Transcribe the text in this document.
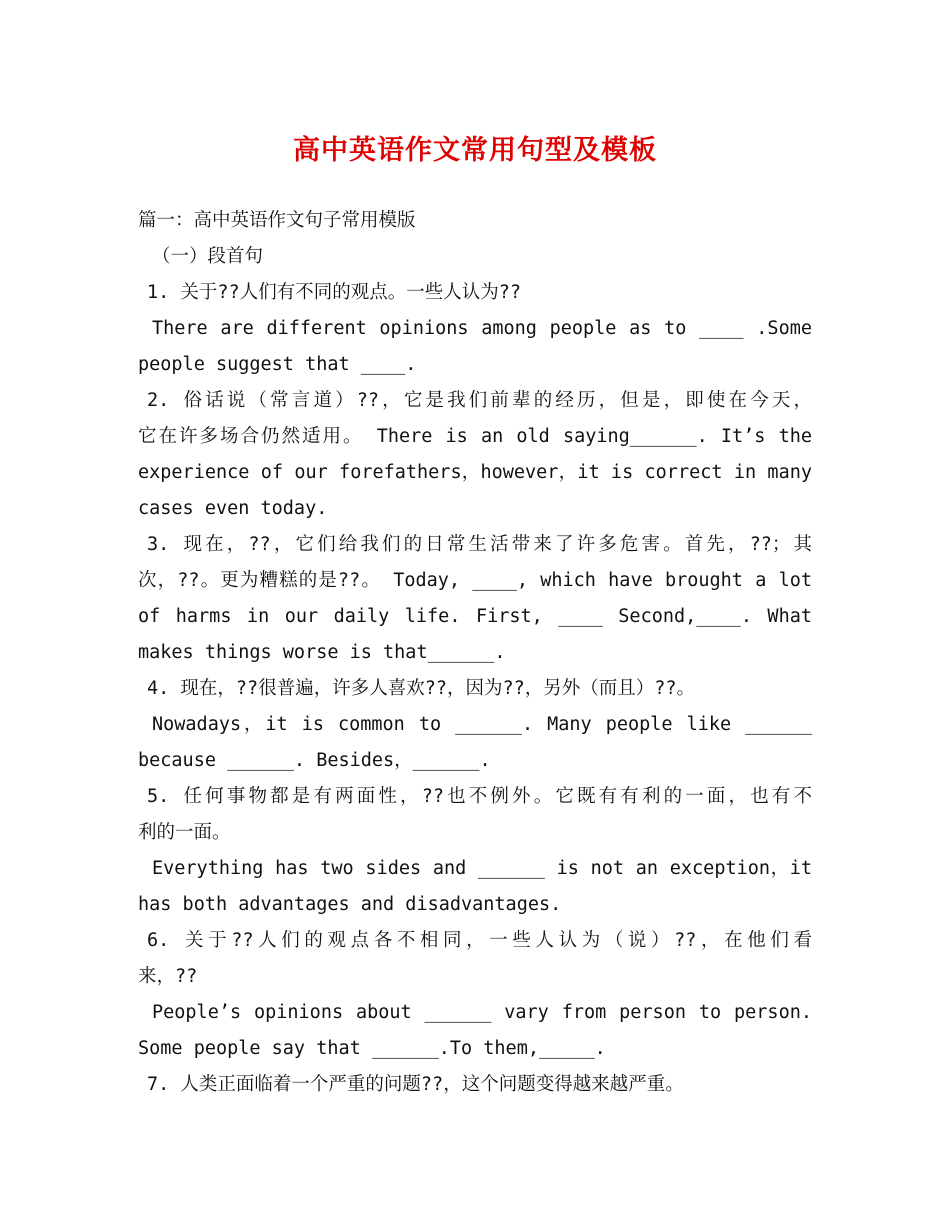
高中英语作文常用句型及模板
篇一：高中英语作文句子常用模版
（一）段首句
1. 关于??人们有不同的观点。一些人认为??
There are different opinions among people as to ____ .Some
people suggest that ____.
2. 俗话说（常言道）??，它是我们前辈的经历，但是，即使在今天，
它在许多场合仍然适用。 There is an old saying______. It’s the
experience of our forefathers，however，it is correct in many
cases even today.
3. 现在，??，它们给我们的日常生活带来了许多危害。首先，??；其
次，??。更为糟糕的是??。 Today, ____, which have brought a lot
of harms in our daily life. First, ____ Second,____. What
makes things worse is that______.
4. 现在，??很普遍，许多人喜欢??，因为??，另外（而且）??。
Nowadays，it is common to ______. Many people like ______
because ______. Besides，______.
5. 任何事物都是有两面性，??也不例外。它既有有利的一面，也有不
利的一面。
Everything has two sides and ______ is not an exception，it
has both advantages and disadvantages.
6. 关于??人们的观点各不相同，一些人认为（说）??，在他们看
来，??
People’s opinions about ______ vary from person to person.
Some people say that ______.To them,_____.
7. 人类正面临着一个严重的问题??，这个问题变得越来越严重。
